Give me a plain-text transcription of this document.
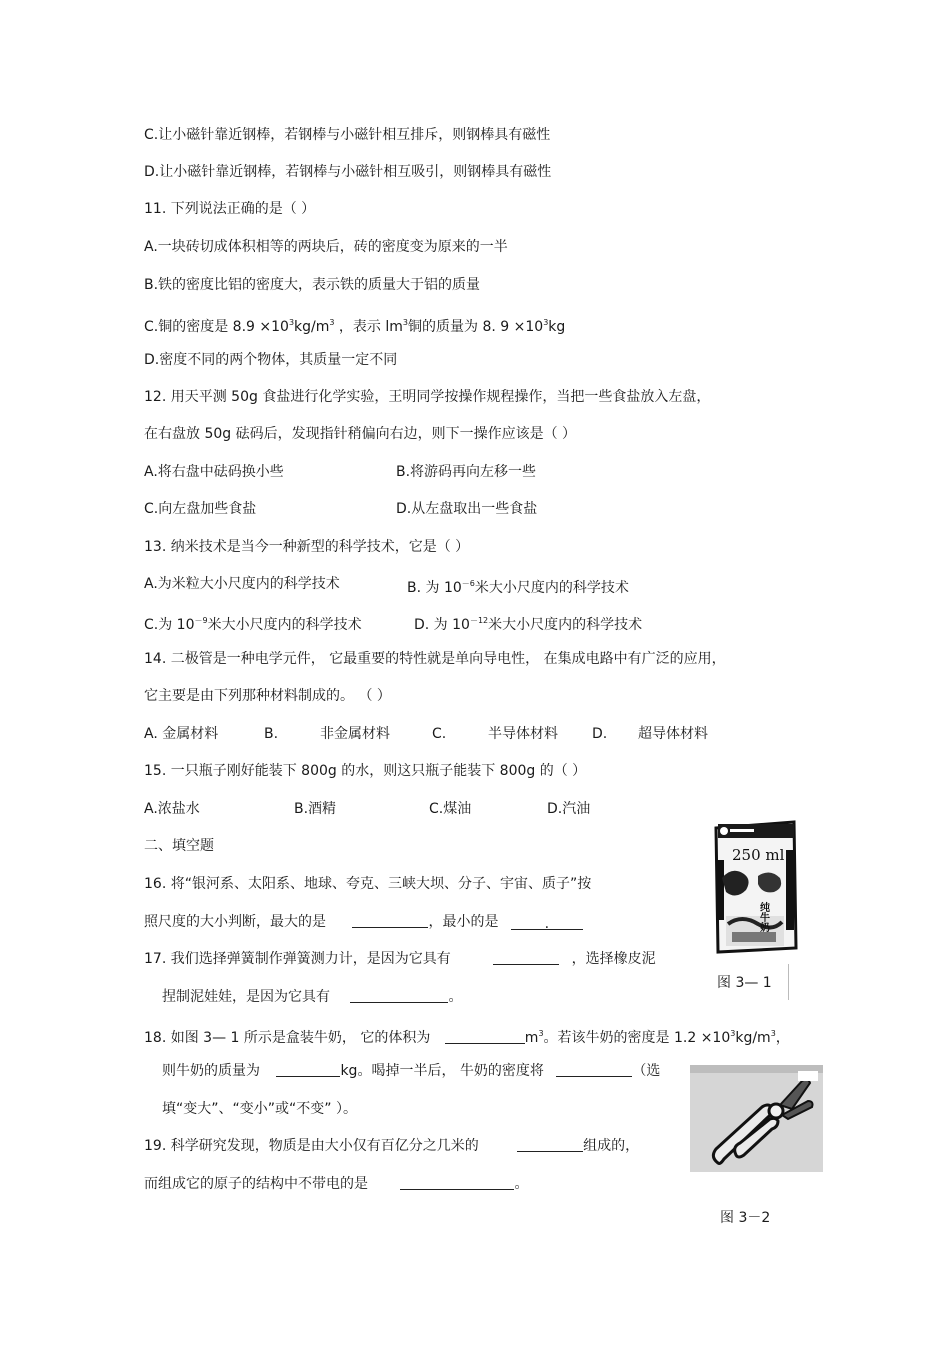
C.让小磁针靠近钢棒，若钢棒与小磁针相互排斥，则钢棒具有磁性
D.让小磁针靠近钢棒，若钢棒与小磁针相互吸引，则钢棒具有磁性
11. 下列说法正确的是（ ）
A.一块砖切成体积相等的两块后，砖的密度变为原来的一半
B.铁的密度比铝的密度大，表示铁的质量大于铝的质量
C.铜的密度是 $8.9 \times 10^3kg/m^3$ ，表示 $lm^3$铜的质量为 8. $9 \times 10^3kg$
D.密度不同的两个物体，其质量一定不同
12. 用天平测 50g 食盐进行化学实验，王明同学按操作规程操作，当把一些食盐放入左盘，
在右盘放 50g 砝码后，发现指针稍偏向右边，则下一操作应该是（ ）
A.将右盘中砝码换小些	B.将游码再向左移一些
C.向左盘加些食盐	D.从左盘取出一些食盐
13. 纳米技术是当今一种新型的科学技术，它是（ ）
A.为米粒大小尺度内的科学技术	B. 为 $10^{-6}$米大小尺度内的科学技术
C.为 $10^{-9}$米大小尺度内的科学技术	D. 为 $10^{-12}$米大小尺度内的科学技术
14. 二极管是一种电学元件， 它最重要的特性就是单向导电性， 在集成电路中有广泛的应用，
它主要是由下列那种材料制成的。 （ ）
A. 金属材料	B.	非金属材料	C.	半导体材料 D. 超导体材料
15. 一只瓶子刚好能装下 800g 的水，则这只瓶子能装下 800g 的（ ）
A.浓盐水	B.酒精	C.煤油	D.汽油
二、填空题
16. 将“银河系、太阳系、地球、夸克、三峡大坝、分子、宇宙、质子”按
照尺度的大小判断，最大的是	，最小的是	.
17. 我们选择弹簧制作弹簧测力计，是因为它具有	，选择橡皮泥
捏制泥娃娃，是因为它具有	。
18. 如图 3— 1 所示是盒装牛奶， 它的体积为	$m^3$。若该牛奶的密度是 $1.2 \times 10^3kg/m^3$，
则牛奶的质量为	kg。喝掉一半后， 牛奶的密度将	（选
填“变大”、“变小”或“不变” ）。
19. 科学研究发现，物质是由大小仅有百亿分之几米的	组成的，
而组成它的原子的结构中不带电的是	。
纯牛奶
250 ml
图 3— 1
图 3－2
